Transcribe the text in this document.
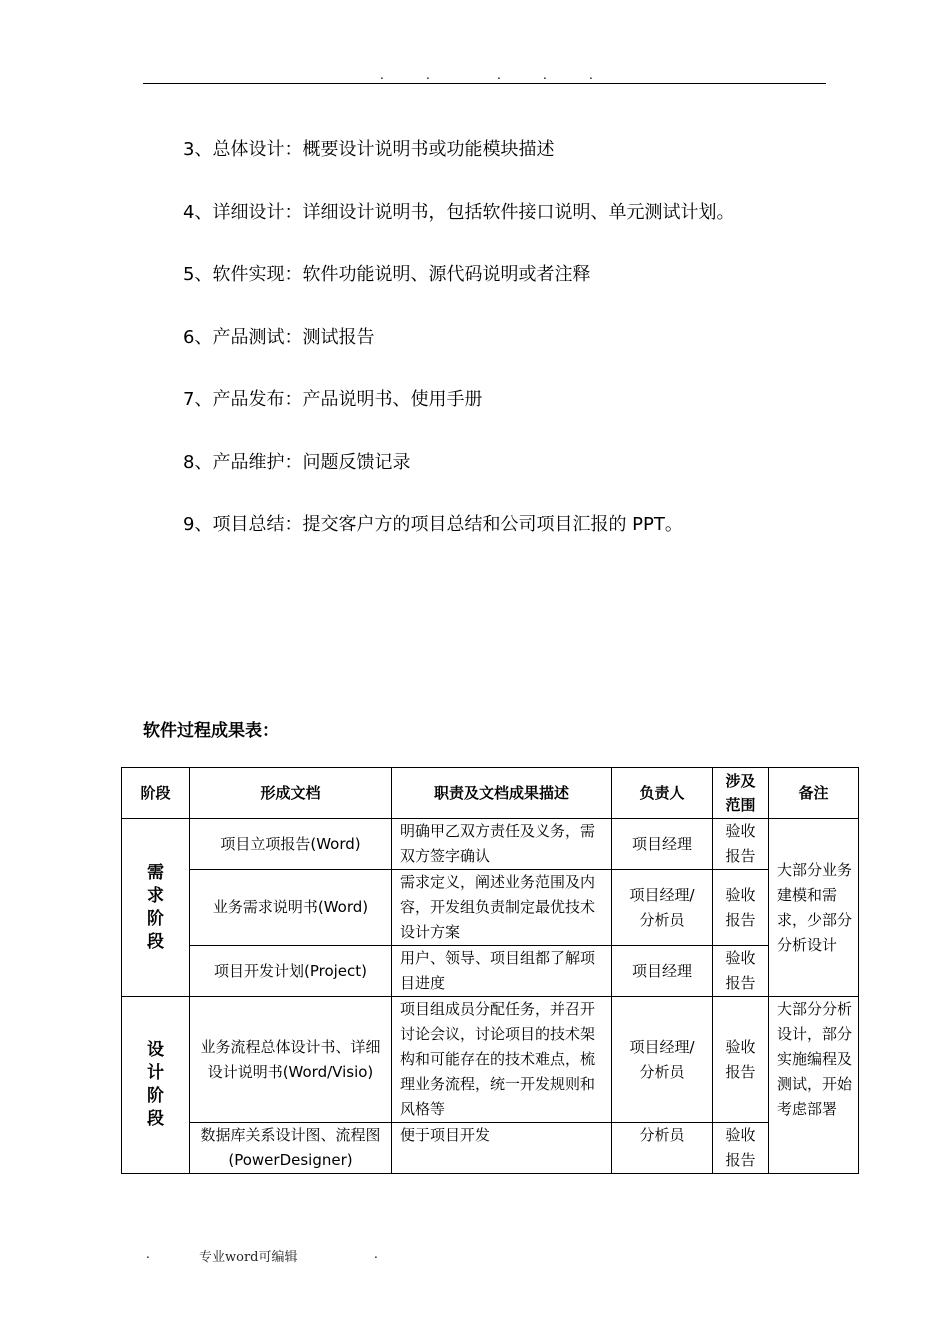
.	.	.	.	.
3、总体设计：概要设计说明书或功能模块描述
4、详细设计：详细设计说明书，包括软件接口说明、单元测试计划。
5、软件实现：软件功能说明、源代码说明或者注释
6、产品测试：测试报告
7、产品发布：产品说明书、使用手册
8、产品维护：问题反馈记录
9、项目总结：提交客户方的项目总结和公司项目汇报的 PPT。
软件过程成果表：
阶段	形成文档	职责及文档成果描述	负责人	涉及范围	备注
需求阶段	项目立项报告(Word)	明确甲乙双方责任及义务，需双方签字确认	项目经理	验收报告	大部分业务建模和需求，少部分分析设计
	业务需求说明书(Word)	需求定义，阐述业务范围及内容，开发组负责制定最优技术设计方案	项目经理/分析员	验收报告	
	项目开发计划(Project)	用户、领导、项目组都了解项目进度	项目经理	验收报告	
设计阶段	业务流程总体设计书、详细设计说明书(Word/Visio)	项目组成员分配任务，并召开讨论会议，讨论项目的技术架构和可能存在的技术难点，梳理业务流程，统一开发规则和风格等	项目经理/分析员	验收报告	大部分分析设计，部分实施编程及测试，开始考虑部署
	数据库关系设计图、流程图(PowerDesigner)	便于项目开发	分析员	验收报告	
.	专业word可编辑	.
